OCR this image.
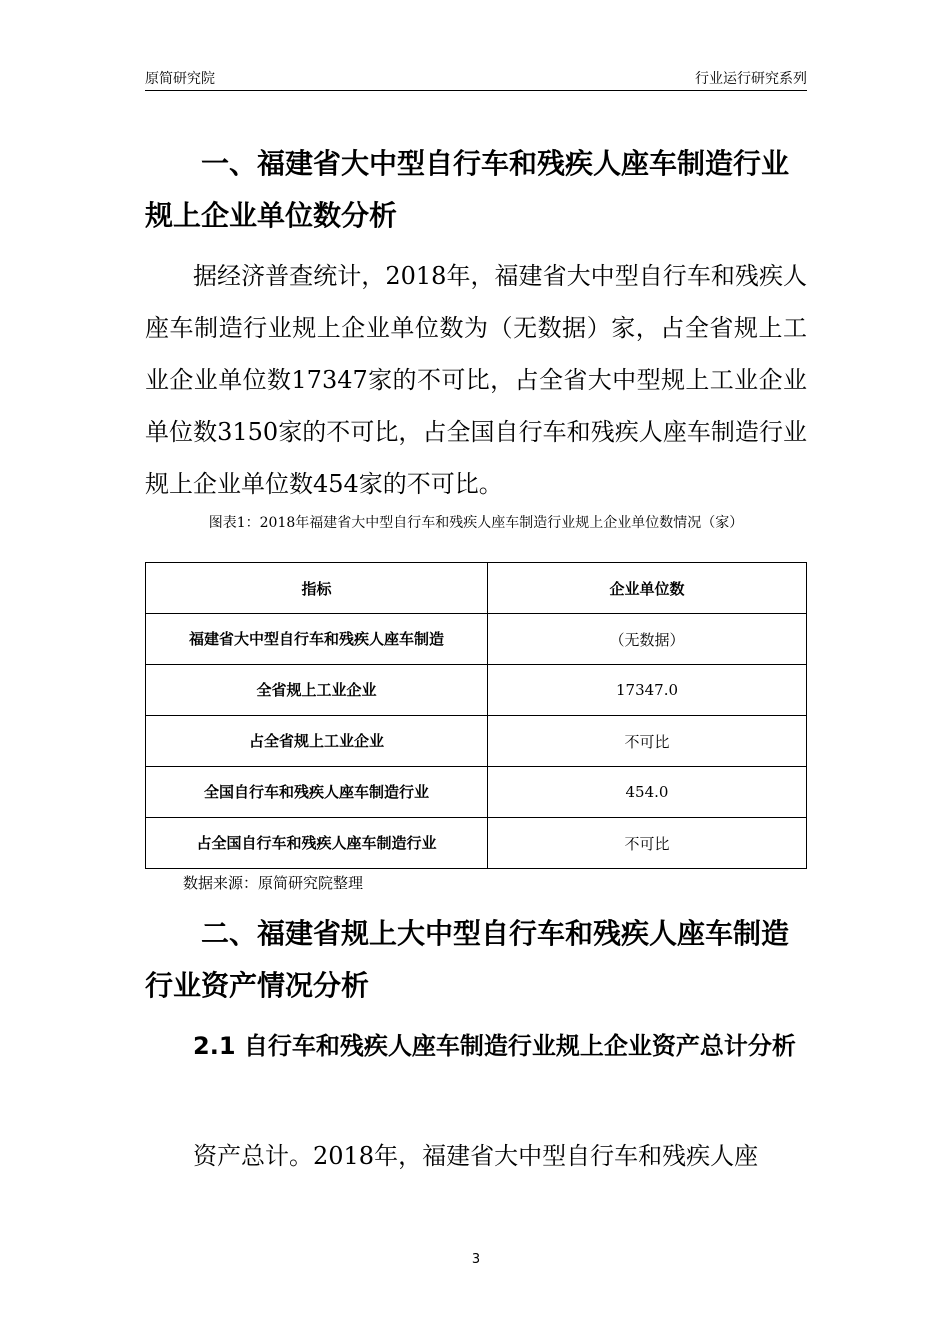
原简研究院	行业运行研究系列
一、福建省大中型自行车和残疾人座车制造行业规上企业单位数分析
据经济普查统计，2018年，福建省大中型自行车和残疾人座车制造行业规上企业单位数为（无数据）家，占全省规上工业企业单位数17347家的不可比，占全省大中型规上工业企业单位数3150家的不可比，占全国自行车和残疾人座车制造行业规上企业单位数454家的不可比。
图表1：2018年福建省大中型自行车和残疾人座车制造行业规上企业单位数情况（家）
指标	企业单位数
福建省大中型自行车和残疾人座车制造	（无数据）
全省规上工业企业	17347.0
占全省规上工业企业	不可比
全国自行车和残疾人座车制造行业	454.0
占全国自行车和残疾人座车制造行业	不可比
数据来源：原简研究院整理
二、福建省规上大中型自行车和残疾人座车制造行业资产情况分析
2.1 自行车和残疾人座车制造行业规上企业资产总计分析
资产总计。2018年，福建省大中型自行车和残疾人座
3
